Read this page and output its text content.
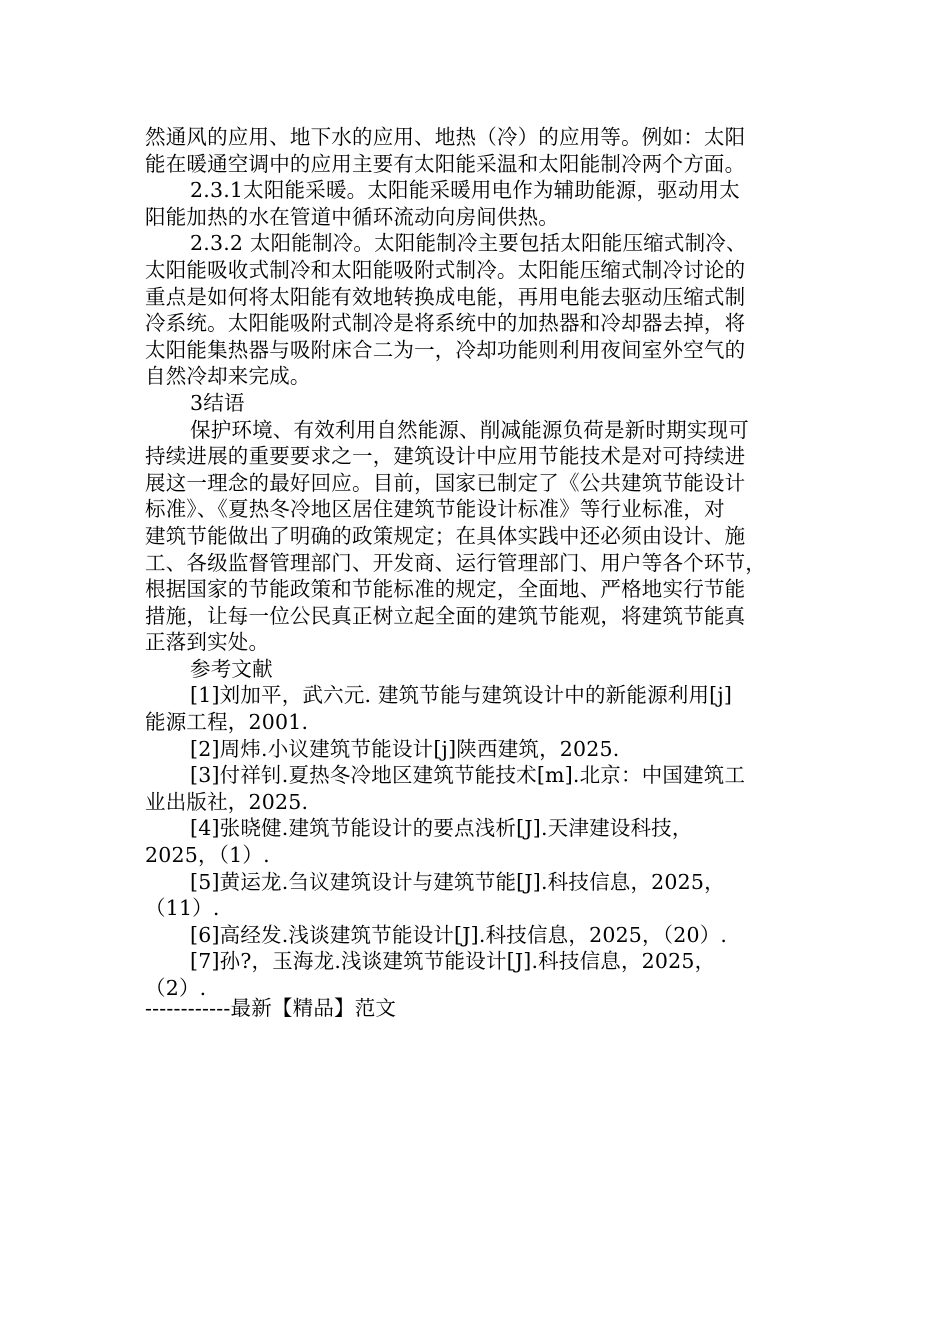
然通风的应用、地下水的应用、地热（冷）的应用等。例如：太阳
能在暖通空调中的应用主要有太阳能采温和太阳能制冷两个方面。
2.3.1太阳能采暖。太阳能采暖用电作为辅助能源，驱动用太
阳能加热的水在管道中循环流动向房间供热。
2.3.2 太阳能制冷。太阳能制冷主要包括太阳能压缩式制冷、
太阳能吸收式制冷和太阳能吸附式制冷。太阳能压缩式制冷讨论的
重点是如何将太阳能有效地转换成电能，再用电能去驱动压缩式制
冷系统。太阳能吸附式制冷是将系统中的加热器和冷却器去掉，将
太阳能集热器与吸附床合二为一，冷却功能则利用夜间室外空气的
自然冷却来完成。
3结语
保护环境、有效利用自然能源、削减能源负荷是新时期实现可
持续进展的重要要求之一，建筑设计中应用节能技术是对可持续进
展这一理念的最好回应。目前，国家已制定了《公共建筑节能设计
标准》、《夏热冬冷地区居住建筑节能设计标准》等行业标准，对
建筑节能做出了明确的政策规定；在具体实践中还必须由设计、施
工、各级监督管理部门、开发商、运行管理部门、用户等各个环节，
根据国家的节能政策和节能标准的规定，全面地、严格地实行节能
措施，让每一位公民真正树立起全面的建筑节能观，将建筑节能真
正落到实处。
参考文献
[1]刘加平，武六元. 建筑节能与建筑设计中的新能源利用[j]
能源工程，2001.
[2]周炜.小议建筑节能设计[j]陕西建筑，2025.
[3]付祥钊.夏热冬冷地区建筑节能技术[m].北京：中国建筑工
业出版社，2025.
[4]张晓健.建筑节能设计的要点浅析[J].天津建设科技，
2025，（1）.
[5]黄运龙.刍议建筑设计与建筑节能[J].科技信息，2025，
（11）.
[6]高经发.浅谈建筑节能设计[J].科技信息，2025，（20）.
[7]孙?，玉海龙.浅谈建筑节能设计[J].科技信息，2025，
（2）.
------------最新【精品】范文
